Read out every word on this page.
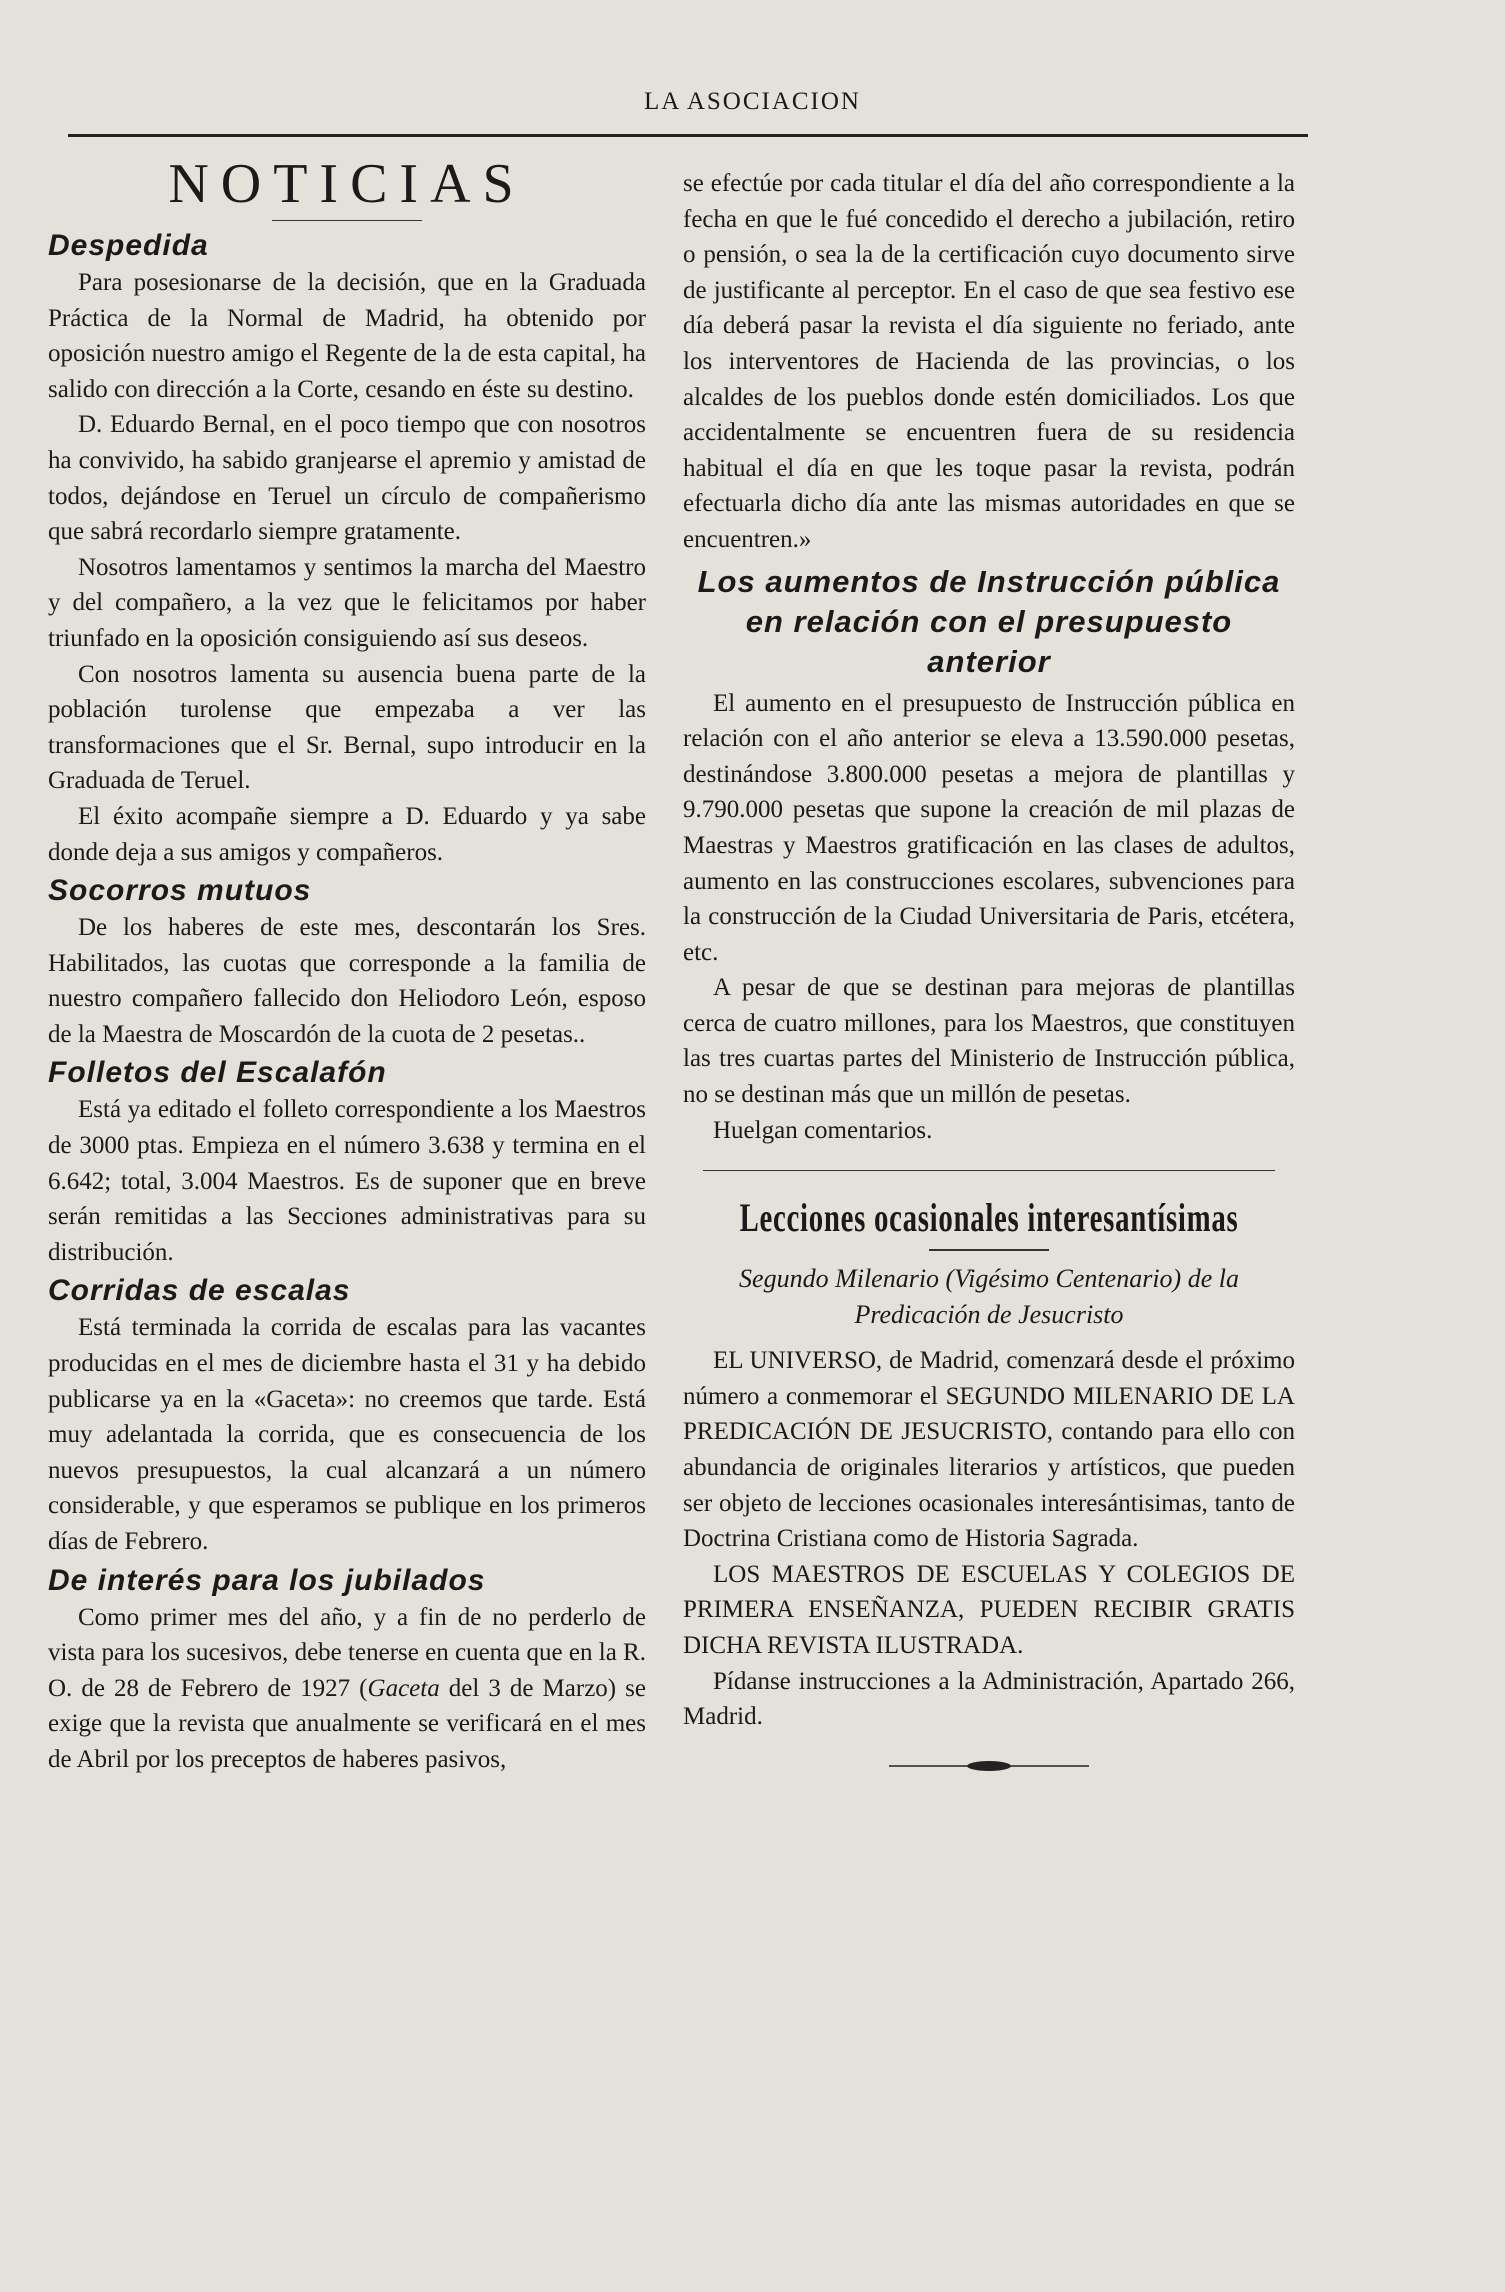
LA ASOCIACION
NOTICIAS
Despedida

Para posesionarse de la decisión, que en la Graduada Práctica de la Normal de Madrid, ha obtenido por oposición nuestro amigo el Regente de la de esta capital, ha salido con dirección a la Corte, cesando en éste su destino.

D. Eduardo Bernal, en el poco tiempo que con nosotros ha convivido, ha sabido granjearse el apremio y amistad de todos, dejándose en Teruel un círculo de compañerismo que sabrá recordarlo siempre gratamente.

Nosotros lamentamos y sentimos la marcha del Maestro y del compañero, a la vez que le felicitamos por haber triunfado en la oposición consiguiendo así sus deseos.

Con nosotros lamenta su ausencia buena parte de la población turolense que empezaba a ver las transformaciones que el Sr. Bernal, supo introducir en la Graduada de Teruel.

El éxito acompañe siempre a D. Eduardo y ya sabe donde deja a sus amigos y compañeros.

Socorros mutuos

De los haberes de este mes, descontarán los Sres. Habilitados, las cuotas que corresponde a la familia de nuestro compañero fallecido don Heliodoro León, esposo de la Maestra de Moscardón de la cuota de 2 pesetas..

Folletos del Escalafón

Está ya editado el folleto correspondiente a los Maestros de 3000 ptas. Empieza en el número 3.638 y termina en el 6.642; total, 3.004 Maestros. Es de suponer que en breve serán remitidas a las Secciones administrativas para su distribución.

Corridas de escalas

Está terminada la corrida de escalas para las vacantes producidas en el mes de diciembre hasta el 31 y ha debido publicarse ya en la «Gaceta»: no creemos que tarde. Está muy adelantada la corrida, que es consecuencia de los nuevos presupuestos, la cual alcanzará a un número considerable, y que esperamos se publique en los primeros días de Febrero.

De interés para los jubilados

Como primer mes del año, y a fin de no perderlo de vista para los sucesivos, debe tenerse en cuenta que en la R. O. de 28 de Febrero de 1927 (Gaceta del 3 de Marzo) se exige que la revista que anualmente se verificará en el mes de Abril por los preceptos de haberes pasivos,

se efectúe por cada titular el día del año correspondiente a la fecha en que le fué concedido el derecho a jubilación, retiro o pensión, o sea la de la certificación cuyo documento sirve de justificante al perceptor. En el caso de que sea festivo ese día deberá pasar la revista el día siguiente no feriado, ante los interventores de Hacienda de las provincias, o los alcaldes de los pueblos donde estén domiciliados. Los que accidentalmente se encuentren fuera de su residencia habitual el día en que les toque pasar la revista, podrán efectuarla dicho día ante las mismas autoridades en que se encuentren.»

Los aumentos de Instrucción pública en relación con el presupuesto anterior

El aumento en el presupuesto de Instrucción pública en relación con el año anterior se eleva a 13.590.000 pesetas, destinándose 3.800.000 pesetas a mejora de plantillas y 9.790.000 pesetas que supone la creación de mil plazas de Maestras y Maestros gratificación en las clases de adultos, aumento en las construcciones escolares, subvenciones para la construcción de la Ciudad Universitaria de Paris, etcétera, etc.

A pesar de que se destinan para mejoras de plantillas cerca de cuatro millones, para los Maestros, que constituyen las tres cuartas partes del Ministerio de Instrucción pública, no se destinan más que un millón de pesetas.

Huelgan comentarios.

Lecciones ocasionales interesantísimas
Segundo Milenario (Vigésimo Centenario) de la Predicación de Jesucristo

EL UNIVERSO, de Madrid, comenzará desde el próximo número a conmemorar el SEGUNDO MILENARIO DE LA PREDICACIÓN DE JESUCRISTO, contando para ello con abundancia de originales literarios y artísticos, que pueden ser objeto de lecciones ocasionales interesántisimas, tanto de Doctrina Cristiana como de Historia Sagrada.

LOS MAESTROS DE ESCUELAS Y COLEGIOS DE PRIMERA ENSEÑANZA, PUEDEN RECIBIR GRATIS DICHA REVISTA ILUSTRADA.

Pídanse instrucciones a la Administración, Apartado 266, Madrid.
